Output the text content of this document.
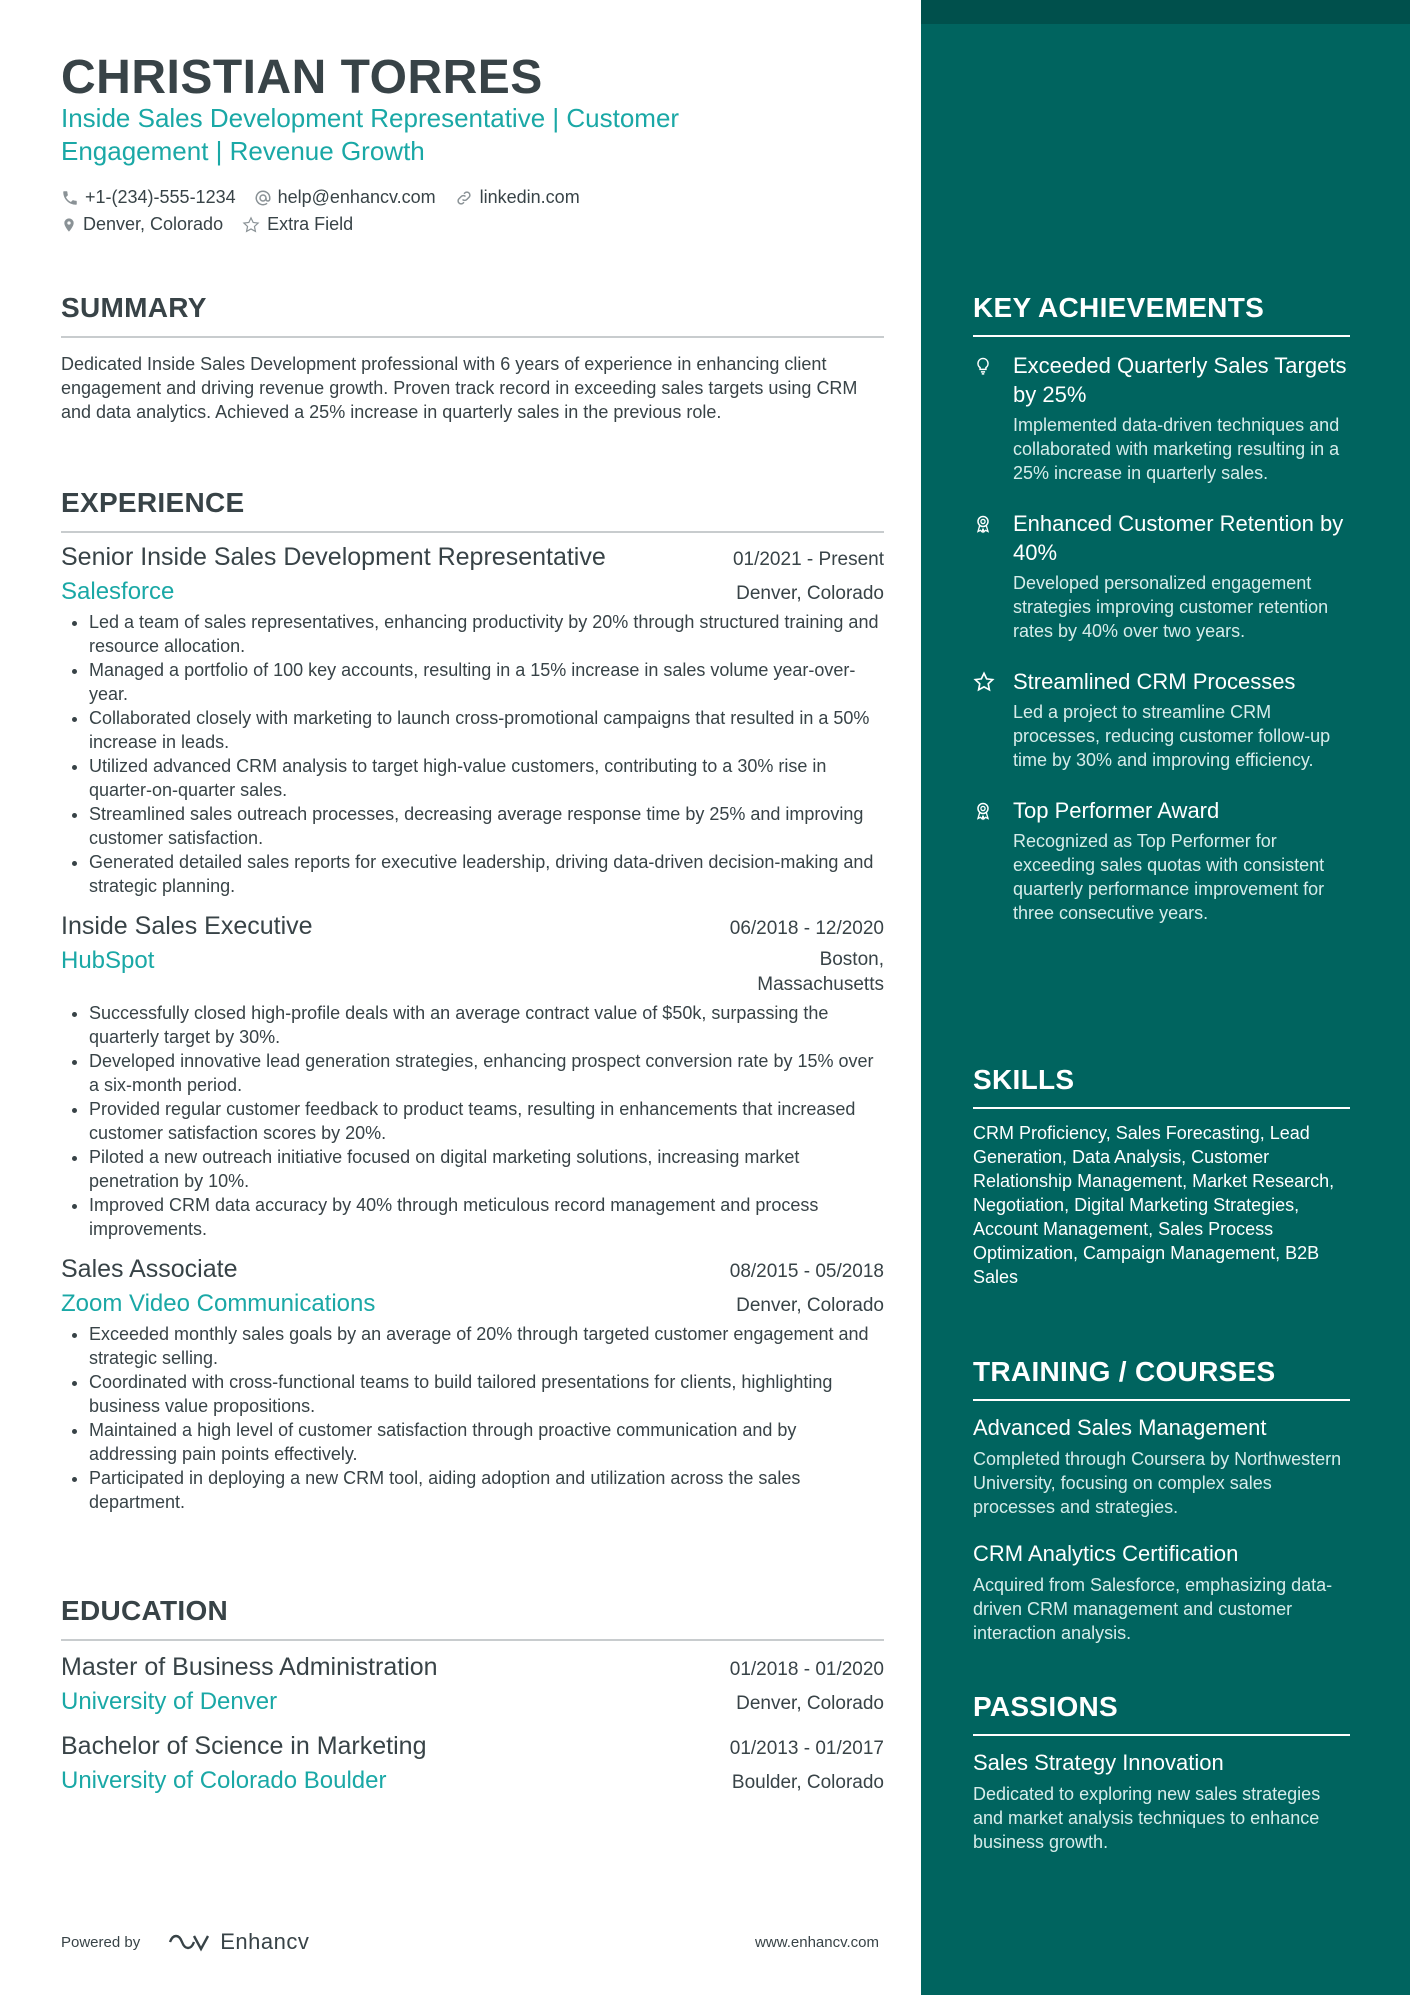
CHRISTIAN TORRES
Inside Sales Development Representative | Customer Engagement | Revenue Growth
+1-(234)-555-1234 help@enhancv.com linkedin.com
Denver, Colorado Extra Field
SUMMARY

Dedicated Inside Sales Development professional with 6 years of experience in enhancing client engagement and driving revenue growth. Proven track record in exceeding sales targets using CRM and data analytics. Achieved a 25% increase in quarterly sales in the previous role.

EXPERIENCE
Senior Inside Sales Development Representative	01/2021 - Present
Salesforce	Denver, Colorado
• Led a team of sales representatives, enhancing productivity by 20% through structured training and resource allocation.
• Managed a portfolio of 100 key accounts, resulting in a 15% increase in sales volume year-over-year.
• Collaborated closely with marketing to launch cross-promotional campaigns that resulted in a 50% increase in leads.
• Utilized advanced CRM analysis to target high-value customers, contributing to a 30% rise in quarter-on-quarter sales.
• Streamlined sales outreach processes, decreasing average response time by 25% and improving customer satisfaction.
• Generated detailed sales reports for executive leadership, driving data-driven decision-making and strategic planning.
Inside Sales Executive	06/2018 - 12/2020
HubSpot	Boston,
Massachusetts
• Successfully closed high-profile deals with an average contract value of $50k, surpassing the quarterly target by 30%.
• Developed innovative lead generation strategies, enhancing prospect conversion rate by 15% over a six-month period.
• Provided regular customer feedback to product teams, resulting in enhancements that increased customer satisfaction scores by 20%.
• Piloted a new outreach initiative focused on digital marketing solutions, increasing market penetration by 10%.
• Improved CRM data accuracy by 40% through meticulous record management and process improvements.
Sales Associate	08/2015 - 05/2018
Zoom Video Communications	Denver, Colorado
• Exceeded monthly sales goals by an average of 20% through targeted customer engagement and strategic selling.
• Coordinated with cross-functional teams to build tailored presentations for clients, highlighting business value propositions.
• Maintained a high level of customer satisfaction through proactive communication and by addressing pain points effectively.
• Participated in deploying a new CRM tool, aiding adoption and utilization across the sales department.
EDUCATION
Master of Business Administration	01/2018 - 01/2020
University of Denver	Denver, Colorado
Bachelor of Science in Marketing	01/2013 - 01/2017
University of Colorado Boulder	Boulder, Colorado
Powered by	Enhancv	www.enhancv.com
KEY ACHIEVEMENTS
Exceeded Quarterly Sales Targets by 25%
Implemented data-driven techniques and collaborated with marketing resulting in a 25% increase in quarterly sales.
Enhanced Customer Retention by 40%
Developed personalized engagement strategies improving customer retention rates by 40% over two years.
Streamlined CRM Processes
Led a project to streamline CRM processes, reducing customer follow-up time by 30% and improving efficiency.
Top Performer Award
Recognized as Top Performer for exceeding sales quotas with consistent quarterly performance improvement for three consecutive years.
SKILLS
CRM Proficiency, Sales Forecasting, Lead Generation, Data Analysis, Customer Relationship Management, Market Research, Negotiation, Digital Marketing Strategies, Account Management, Sales Process Optimization, Campaign Management, B2B Sales
TRAINING / COURSES
Advanced Sales Management
Completed through Coursera by Northwestern University, focusing on complex sales processes and strategies.
CRM Analytics Certification
Acquired from Salesforce, emphasizing data-driven CRM management and customer interaction analysis.
PASSIONS
Sales Strategy Innovation
Dedicated to exploring new sales strategies and market analysis techniques to enhance business growth.
